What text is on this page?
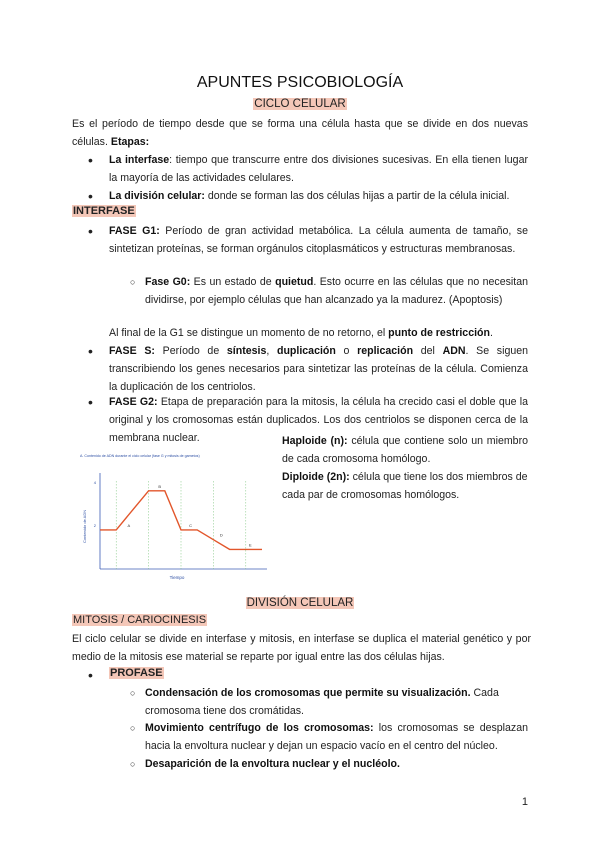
APUNTES PSICOBIOLOGÍA
CICLO CELULAR
Es el período de tiempo desde que se forma una célula hasta que se divide en dos nuevas células. Etapas:
• La interfase: tiempo que transcurre entre dos divisiones sucesivas. En ella tienen lugar la mayoría de las actividades celulares.
• La división celular: donde se forman las dos células hijas a partir de la célula inicial.
INTERFASE
• FASE G1: Período de gran actividad metabólica. La célula aumenta de tamaño, se sintetizan proteínas, se forman orgánulos citoplasmáticos y estructuras membranosas.
○ Fase G0: Es un estado de quietud. Esto ocurre en las células que no necesitan dividirse, por ejemplo células que han alcanzado ya la madurez. (Apoptosis)
Al final de la G1 se distingue un momento de no retorno, el punto de restricción.
• FASE S: Período de síntesis, duplicación o replicación del ADN. Se siguen transcribiendo los genes necesarios para sintetizar las proteínas de la célula. Comienza la duplicación de los centriolos.
• FASE G2: Etapa de preparación para la mitosis, la célula ha crecido casi el doble que la original y los cromosomas están duplicados. Los dos centriolos se disponen cerca de la membrana nuclear.
A. Contenido de ADN durante el ciclo celular (fase G y mitosis de gametos)
4
2
Contenido de ADN
Tiempo
A
B
C
D
E
Haploide (n): célula que contiene solo un miembro de cada cromosoma homólogo.
Diploide (2n): célula que tiene los dos miembros de cada par de cromosomas homólogos.
DIVISIÓN CELULAR
MITOSIS / CARIOCINESIS
El ciclo celular se divide en interfase y mitosis, en interfase se duplica el material genético y por medio de la mitosis ese material se reparte por igual entre las dos células hijas.
• PROFASE
○ Condensación de los cromosomas que permite su visualización. Cada cromosoma tiene dos cromátidas.
○ Movimiento centrífugo de los cromosomas: los cromosomas se desplazan hacia la envoltura nuclear y dejan un espacio vacío en el centro del núcleo.
○ Desaparición de la envoltura nuclear y el nucléolo.
1
